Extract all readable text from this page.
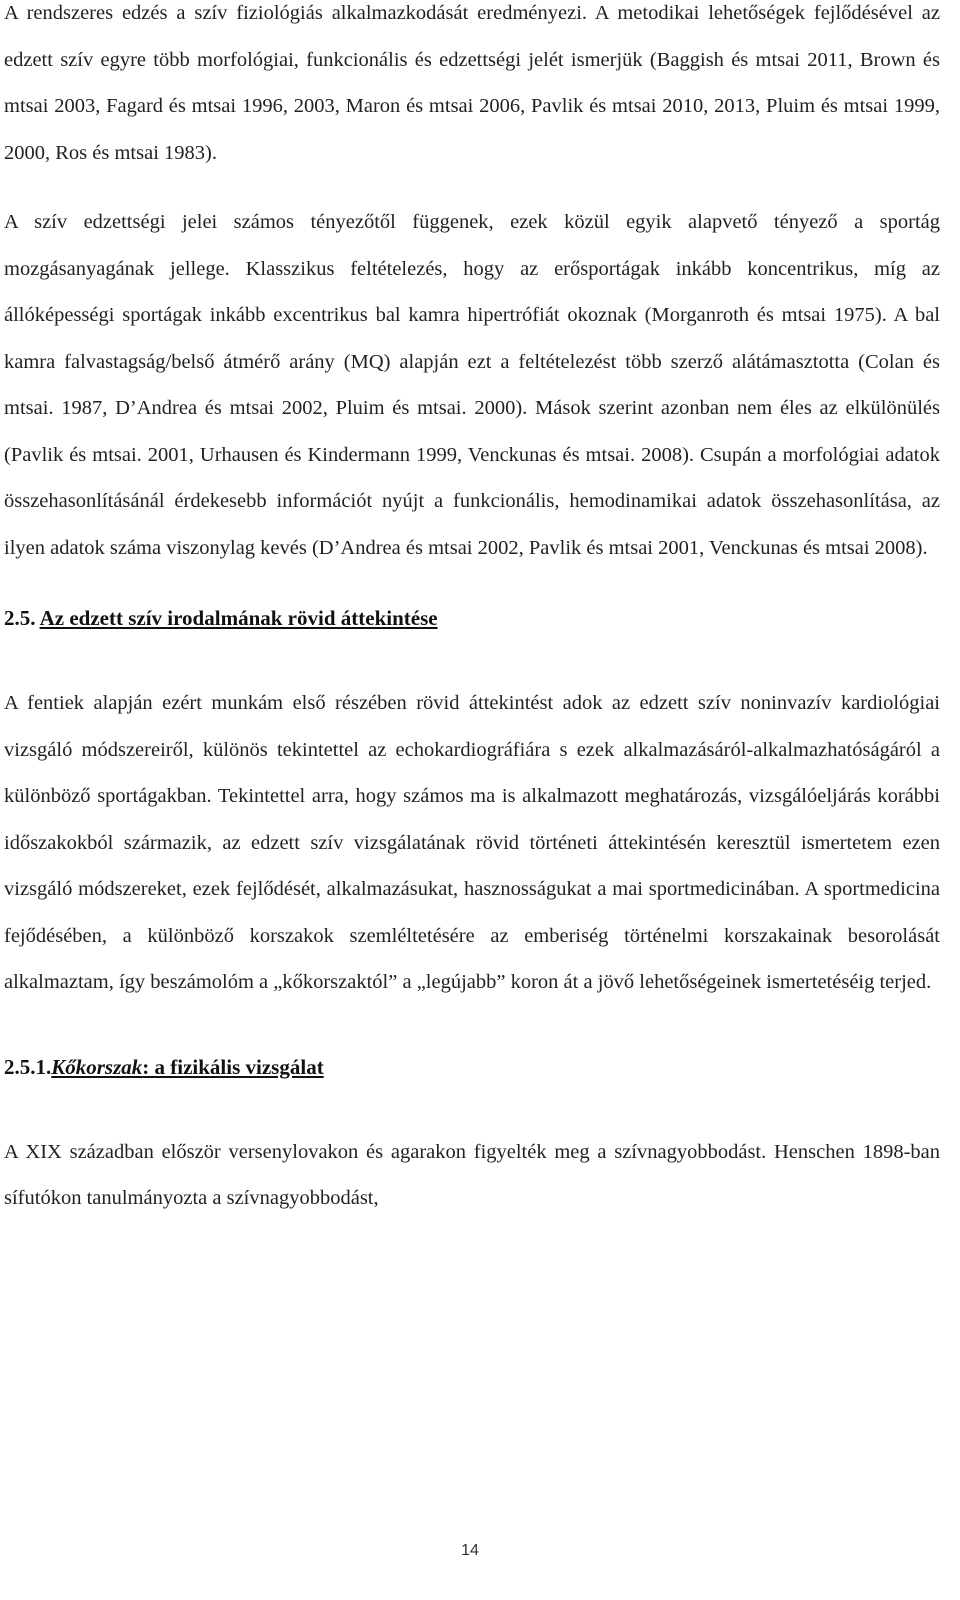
A rendszeres edzés a szív fiziológiás alkalmazkodását eredményezi. A metodikai lehetőségek fejlődésével az edzett szív egyre több morfológiai, funkcionális és edzettségi jelét ismerjük (Baggish és mtsai 2011, Brown és mtsai 2003, Fagard és mtsai 1996, 2003, Maron és mtsai 2006, Pavlik és mtsai 2010, 2013, Pluim és mtsai 1999, 2000, Ros és mtsai 1983).

A szív edzettségi jelei számos tényezőtől függenek, ezek közül egyik alapvető tényező a sportág mozgásanyagának jellege. Klasszikus feltételezés, hogy az erősportágak inkább koncentrikus, míg az állóképességi sportágak inkább excentrikus bal kamra hipertrófiát okoznak (Morganroth és mtsai 1975). A bal kamra falvastagság/belső átmérő arány (MQ) alapján ezt a feltételezést több szerző alátámasztotta (Colan és mtsai. 1987, D’Andrea és mtsai 2002, Pluim és mtsai. 2000). Mások szerint azonban nem éles az elkülönülés (Pavlik és mtsai. 2001, Urhausen és Kindermann 1999, Venckunas és mtsai. 2008). Csupán a morfológiai adatok összehasonlításánál érdekesebb információt nyújt a funkcionális, hemodinamikai adatok összehasonlítása, az ilyen adatok száma viszonylag kevés (D’Andrea és mtsai 2002, Pavlik és mtsai 2001, Venckunas és mtsai 2008).

2.5. Az edzett szív irodalmának rövid áttekintése

A fentiek alapján ezért munkám első részében rövid áttekintést adok az edzett szív noninvazív kardiológiai vizsgáló módszereiről, különös tekintettel az echokardiográfiára s ezek alkalmazásáról-alkalmazhatóságáról a különböző sportágakban. Tekintettel arra, hogy számos ma is alkalmazott meghatározás, vizsgálóeljárás korábbi időszakokból származik, az edzett szív vizsgálatának rövid történeti áttekintésén keresztül ismertetem ezen vizsgáló módszereket, ezek fejlődését, alkalmazásukat, hasznosságukat a mai sportmedicinában. A sportmedicina fejődésében, a különböző korszakok szemléltetésére az emberiség történelmi korszakainak besorolását alkalmaztam, így beszámolóm a „kőkorszaktól” a „legújabb” koron át a jövő lehetőségeinek ismertetéséig terjed.

2.5.1.Kőkorszak: a fizikális vizsgálat

A XIX században először versenylovakon és agarakon figyelték meg a szívnagyobbodást. Henschen 1898-ban sífutókon tanulmányozta a szívnagyobbodást,

14
